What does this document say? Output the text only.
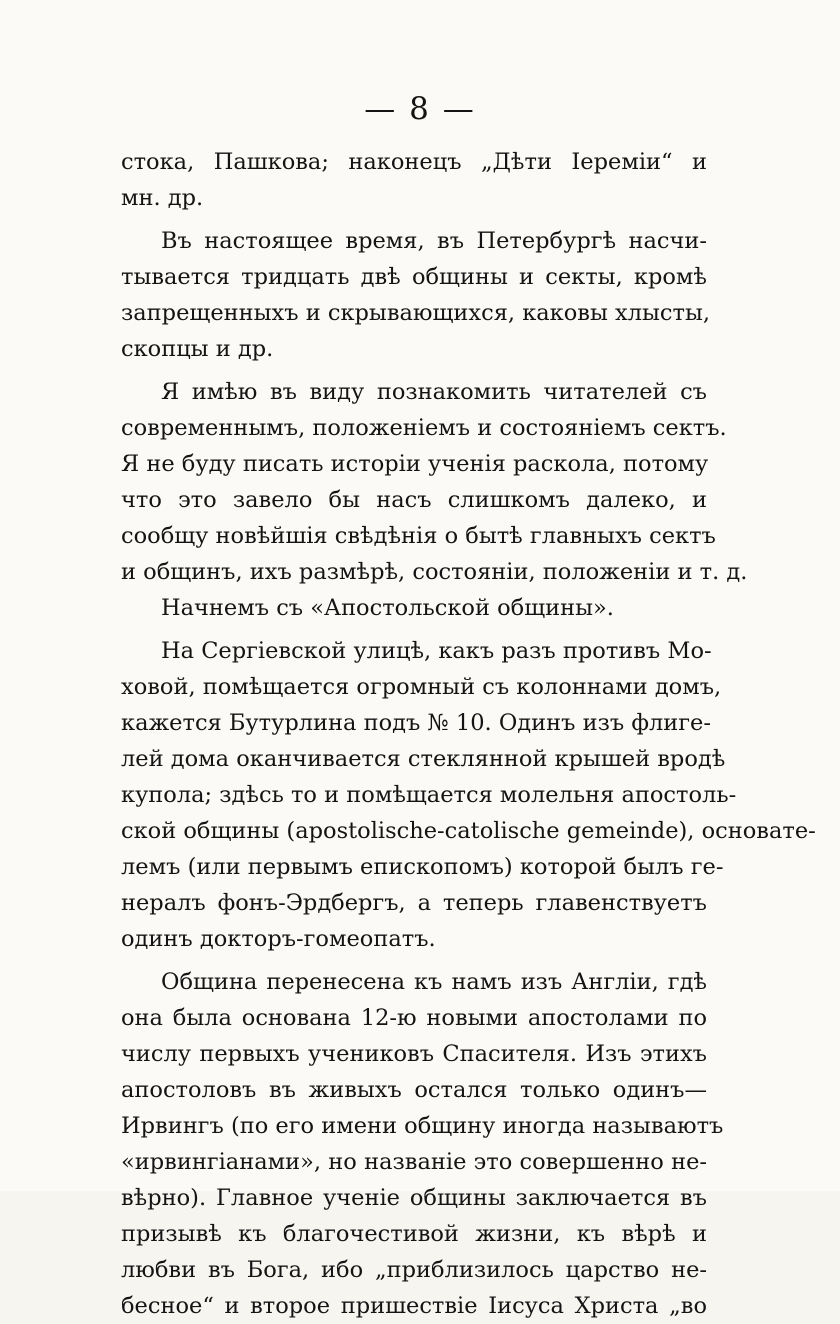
— 8 —
стока, Пашкова; наконецъ „Дѣти Іереміи“ и
мн. др.
Въ настоящее время, въ Петербургѣ насчи-
тывается тридцать двѣ общины и секты, кромѣ
запрещенныхъ и скрывающихся, каковы хлысты,
скопцы и др.
Я имѣю въ виду познакомить читателей съ
современнымъ, положеніемъ и состояніемъ сектъ.
Я не буду писать исторіи ученія раскола, потому
что это завело бы насъ слишкомъ далеко, и
сообщу новѣйшія свѣдѣнія о бытѣ главныхъ сектъ
и общинъ, ихъ размѣрѣ, состояніи, положеніи и т. д.
Начнемъ съ «Апостольской общины».
На Сергіевской улицѣ, какъ разъ противъ Мо-
ховой, помѣщается огромный съ колоннами домъ,
кажется Бутурлина подъ № 10. Одинъ изъ флиге-
лей дома оканчивается стеклянной крышей вродѣ
купола; здѣсь то и помѣщается молельня апостоль-
ской общины (apostolische-catolische gemeinde), основате-
лемъ (или первымъ епископомъ) которой былъ ге-
нералъ фонъ-Эрдбергъ, а теперь главенствуетъ
одинъ докторъ-гомеопатъ.
Община перенесена къ намъ изъ Англіи, гдѣ
она была основана 12-ю новыми апостолами по
числу первыхъ учениковъ Спасителя. Изъ этихъ
апостоловъ въ живыхъ остался только одинъ—
Ирвингъ (по его имени общину иногда называютъ
«ирвингіанами», но названіе это совершенно не-
вѣрно). Главное ученіе общины заключается въ
призывѣ къ благочестивой жизни, къ вѣрѣ и
любви въ Бога, ибо „приблизилось царство не-
бесное“ и второе пришествіе Іисуса Христа „во
